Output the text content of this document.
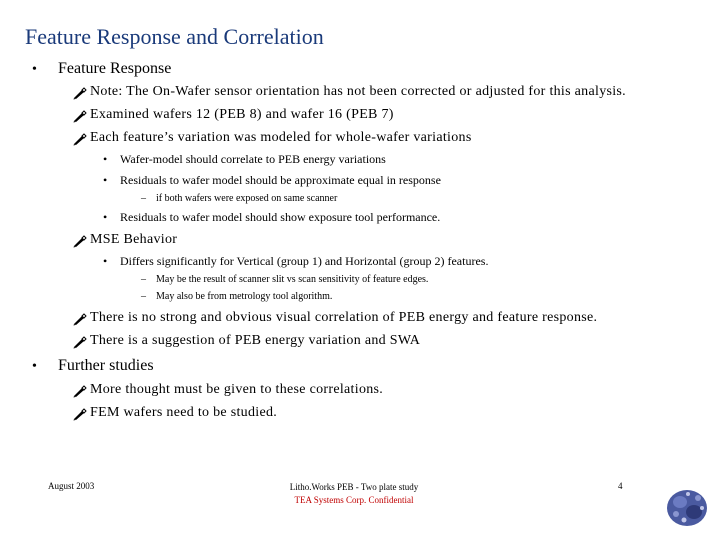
Feature Response and Correlation
• Feature Response
Note: The On-Wafer sensor orientation has not been corrected or adjusted for this analysis.
Examined wafers 12 (PEB 8) and wafer 16 (PEB 7)
Each feature’s variation was modeled for whole-wafer variations
• Wafer-model should correlate to PEB energy variations
• Residuals to wafer model should be approximate equal in response
– if both wafers were exposed on same scanner
• Residuals to wafer model should show exposure tool performance.
MSE Behavior
• Differs significantly for Vertical (group 1) and Horizontal (group 2) features.
– May be the result of scanner slit vs scan sensitivity of feature edges.
– May also be from metrology tool algorithm.
There is no strong and obvious visual correlation of PEB energy and feature response.
There is a suggestion of PEB energy variation and SWA
• Further studies
More thought must be given to these correlations.
FEM wafers need to be studied.
August 2003	Litho.Works PEB - Two plate study
TEA Systems Corp. Confidential
4
